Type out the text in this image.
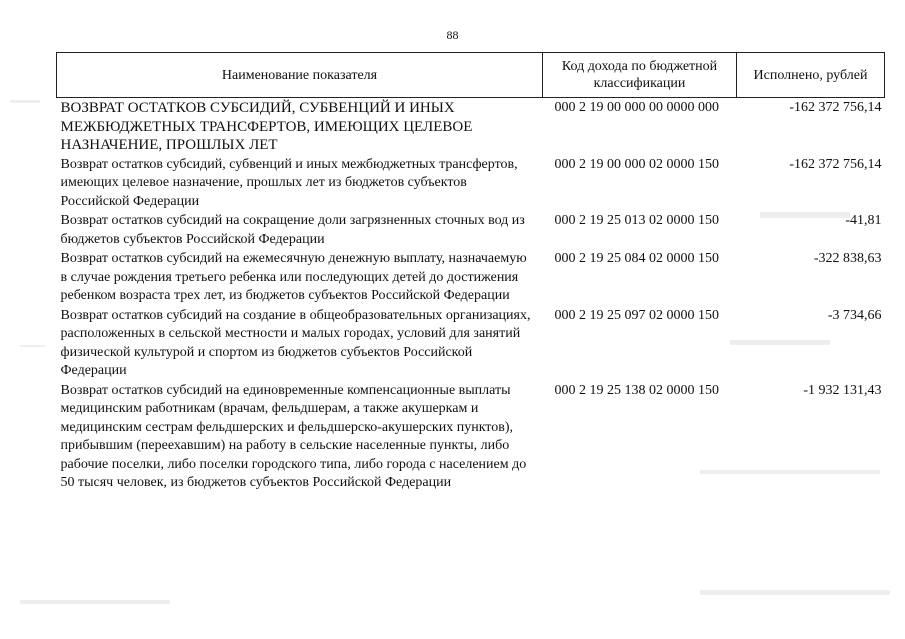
88
Наименование показателя	Код дохода по бюджетной классификации	Исполнено, рублей
ВОЗВРАТ ОСТАТКОВ СУБСИДИЙ, СУБВЕНЦИЙ И ИНЫХ МЕЖБЮДЖЕТНЫХ ТРАНСФЕРТОВ, ИМЕЮЩИХ ЦЕЛЕВОЕ НАЗНАЧЕНИЕ, ПРОШЛЫХ ЛЕТ	000 2 19 00 000 00 0000 000	-162 372 756,14
Возврат остатков субсидий, субвенций и иных межбюджетных трансфертов, имеющих целевое назначение, прошлых лет из бюджетов субъектов Российской Федерации	000 2 19 00 000 02 0000 150	-162 372 756,14
Возврат остатков субсидий на сокращение доли загрязненных сточных вод из бюджетов субъектов Российской Федерации	000 2 19 25 013 02 0000 150	-41,81
Возврат остатков субсидий на ежемесячную денежную выплату, назначаемую в случае рождения третьего ребенка или последующих детей до достижения ребенком возраста трех лет, из бюджетов субъектов Российской Федерации	000 2 19 25 084 02 0000 150	-322 838,63
Возврат остатков субсидий на создание в общеобразовательных организациях, расположенных в сельской местности и малых городах, условий для занятий физической культурой и спортом из бюджетов субъектов Российской Федерации	000 2 19 25 097 02 0000 150	-3 734,66
Возврат остатков субсидий на единовременные компенсационные выплаты медицинским работникам (врачам, фельдшерам, а также акушеркам и медицинским сестрам фельдшерских и фельдшерско-акушерских пунктов), прибывшим (переехавшим) на работу в сельские населенные пункты, либо рабочие поселки, либо поселки городского типа, либо города с населением до 50 тысяч человек, из бюджетов субъектов Российской Федерации	000 2 19 25 138 02 0000 150	-1 932 131,43
